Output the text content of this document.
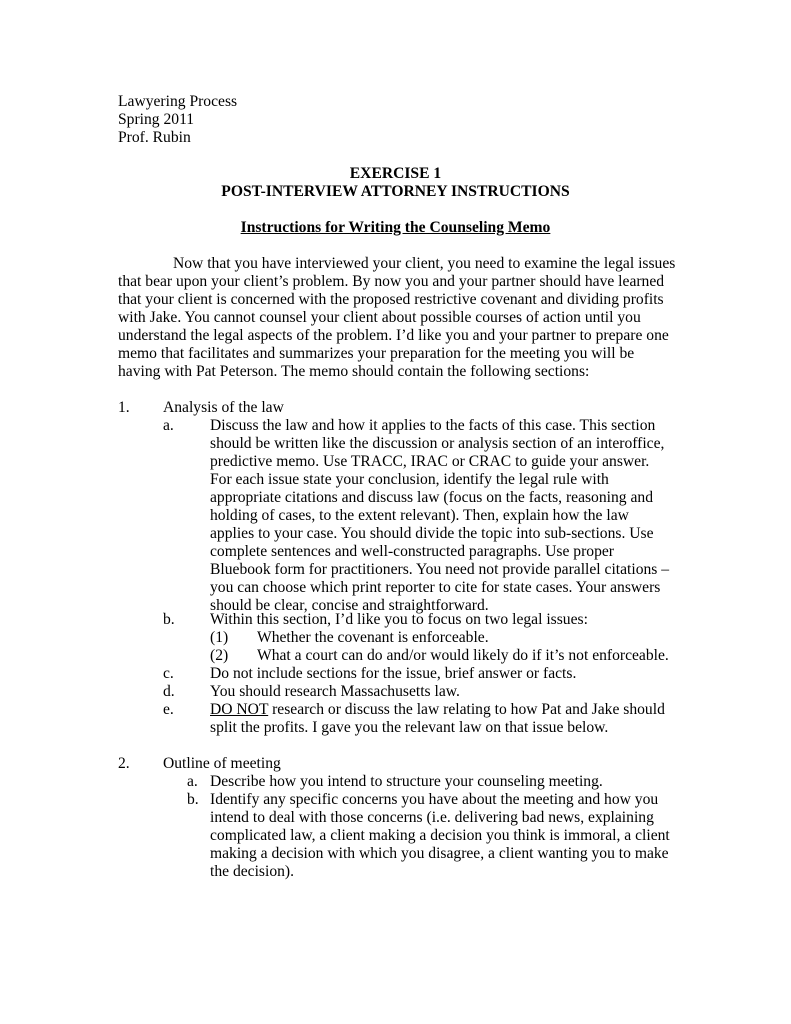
Lawyering Process
Spring 2011
Prof. Rubin
EXERCISE 1
POST-INTERVIEW ATTORNEY INSTRUCTIONS
Instructions for Writing the Counseling Memo
Now that you have interviewed your client, you need to examine the legal issues
that bear upon your client’s problem. By now you and your partner should have learned
that your client is concerned with the proposed restrictive covenant and dividing profits
with Jake. You cannot counsel your client about possible courses of action until you
understand the legal aspects of the problem. I’d like you and your partner to prepare one
memo that facilitates and summarizes your preparation for the meeting you will be
having with Pat Peterson. The memo should contain the following sections:
1. Analysis of the law
a. Discuss the law and how it applies to the facts of this case. This section
should be written like the discussion or analysis section of an interoffice,
predictive memo. Use TRACC, IRAC or CRAC to guide your answer.
For each issue state your conclusion, identify the legal rule with
appropriate citations and discuss law (focus on the facts, reasoning and
holding of cases, to the extent relevant). Then, explain how the law
applies to your case. You should divide the topic into sub-sections. Use
complete sentences and well-constructed paragraphs. Use proper
Bluebook form for practitioners. You need not provide parallel citations –
you can choose which print reporter to cite for state cases. Your answers
should be clear, concise and straightforward.
b. Within this section, I’d like you to focus on two legal issues:
(1) Whether the covenant is enforceable.
(2) What a court can do and/or would likely do if it’s not enforceable.
c. Do not include sections for the issue, brief answer or facts.
d. You should research Massachusetts law.
e. DO NOT research or discuss the law relating to how Pat and Jake should
split the profits. I gave you the relevant law on that issue below.
2. Outline of meeting
a. Describe how you intend to structure your counseling meeting.
b. Identify any specific concerns you have about the meeting and how you
intend to deal with those concerns (i.e. delivering bad news, explaining
complicated law, a client making a decision you think is immoral, a client
making a decision with which you disagree, a client wanting you to make
the decision).
